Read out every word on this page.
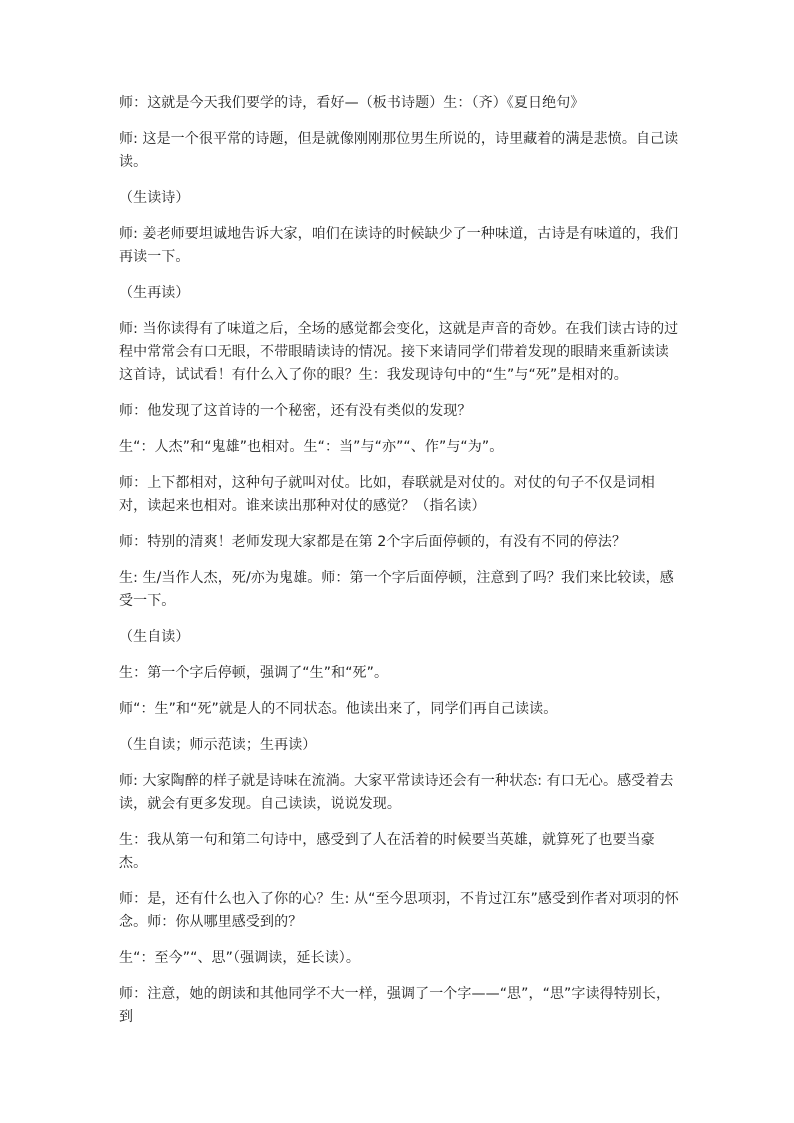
师：这就是今天我们要学的诗，看好—（板书诗题）生：（齐）《夏日绝句》

师: 这是一个很平常的诗题，但是就像刚刚那位男生所说的，诗里藏着的满是悲愤。自己读读。

（生读诗）

师: 姜老师要坦诚地告诉大家，咱们在读诗的时候缺少了一种味道，古诗是有味道的，我们再读一下。

（生再读）

师: 当你读得有了味道之后，全场的感觉都会变化，这就是声音的奇妙。在我们读古诗的过程中常常会有口无眼，不带眼睛读诗的情况。接下来请同学们带着发现的眼睛来重新读读这首诗，试试看！有什么入了你的眼？生：我发现诗句中的“生”与“死”是相对的。

师：他发现了这首诗的一个秘密，还有没有类似的发现？

生“：人杰”和“鬼雄”也相对。生“：当”与“亦”“、作”与“为”。

师：上下都相对，这种句子就叫对仗。比如，春联就是对仗的。对仗的句子不仅是词相对，读起来也相对。谁来读出那种对仗的感觉？（指名读）

师：特别的清爽！老师发现大家都是在第 2个字后面停顿的，有没有不同的停法？

生: 生/当作人杰，死/亦为鬼雄。师：第一个字后面停顿，注意到了吗？我们来比较读，感受一下。

（生自读）

生：第一个字后停顿，强调了“生”和“死”。

师“：生”和“死”就是人的不同状态。他读出来了，同学们再自己读读。

（生自读；师示范读；生再读）

师: 大家陶醉的样子就是诗味在流淌。大家平常读诗还会有一种状态: 有口无心。感受着去读，就会有更多发现。自己读读，说说发现。

生：我从第一句和第二句诗中，感受到了人在活着的时候要当英雄，就算死了也要当豪杰。

师：是，还有什么也入了你的心？生: 从“至今思项羽，不肯过江东”感受到作者对项羽的怀念。师：你从哪里感受到的？

生“：至今”“、思”（强调读，延长读）。

师：注意，她的朗读和其他同学不大一样，强调了一个字——“思”，“思”字读得特别长，到
